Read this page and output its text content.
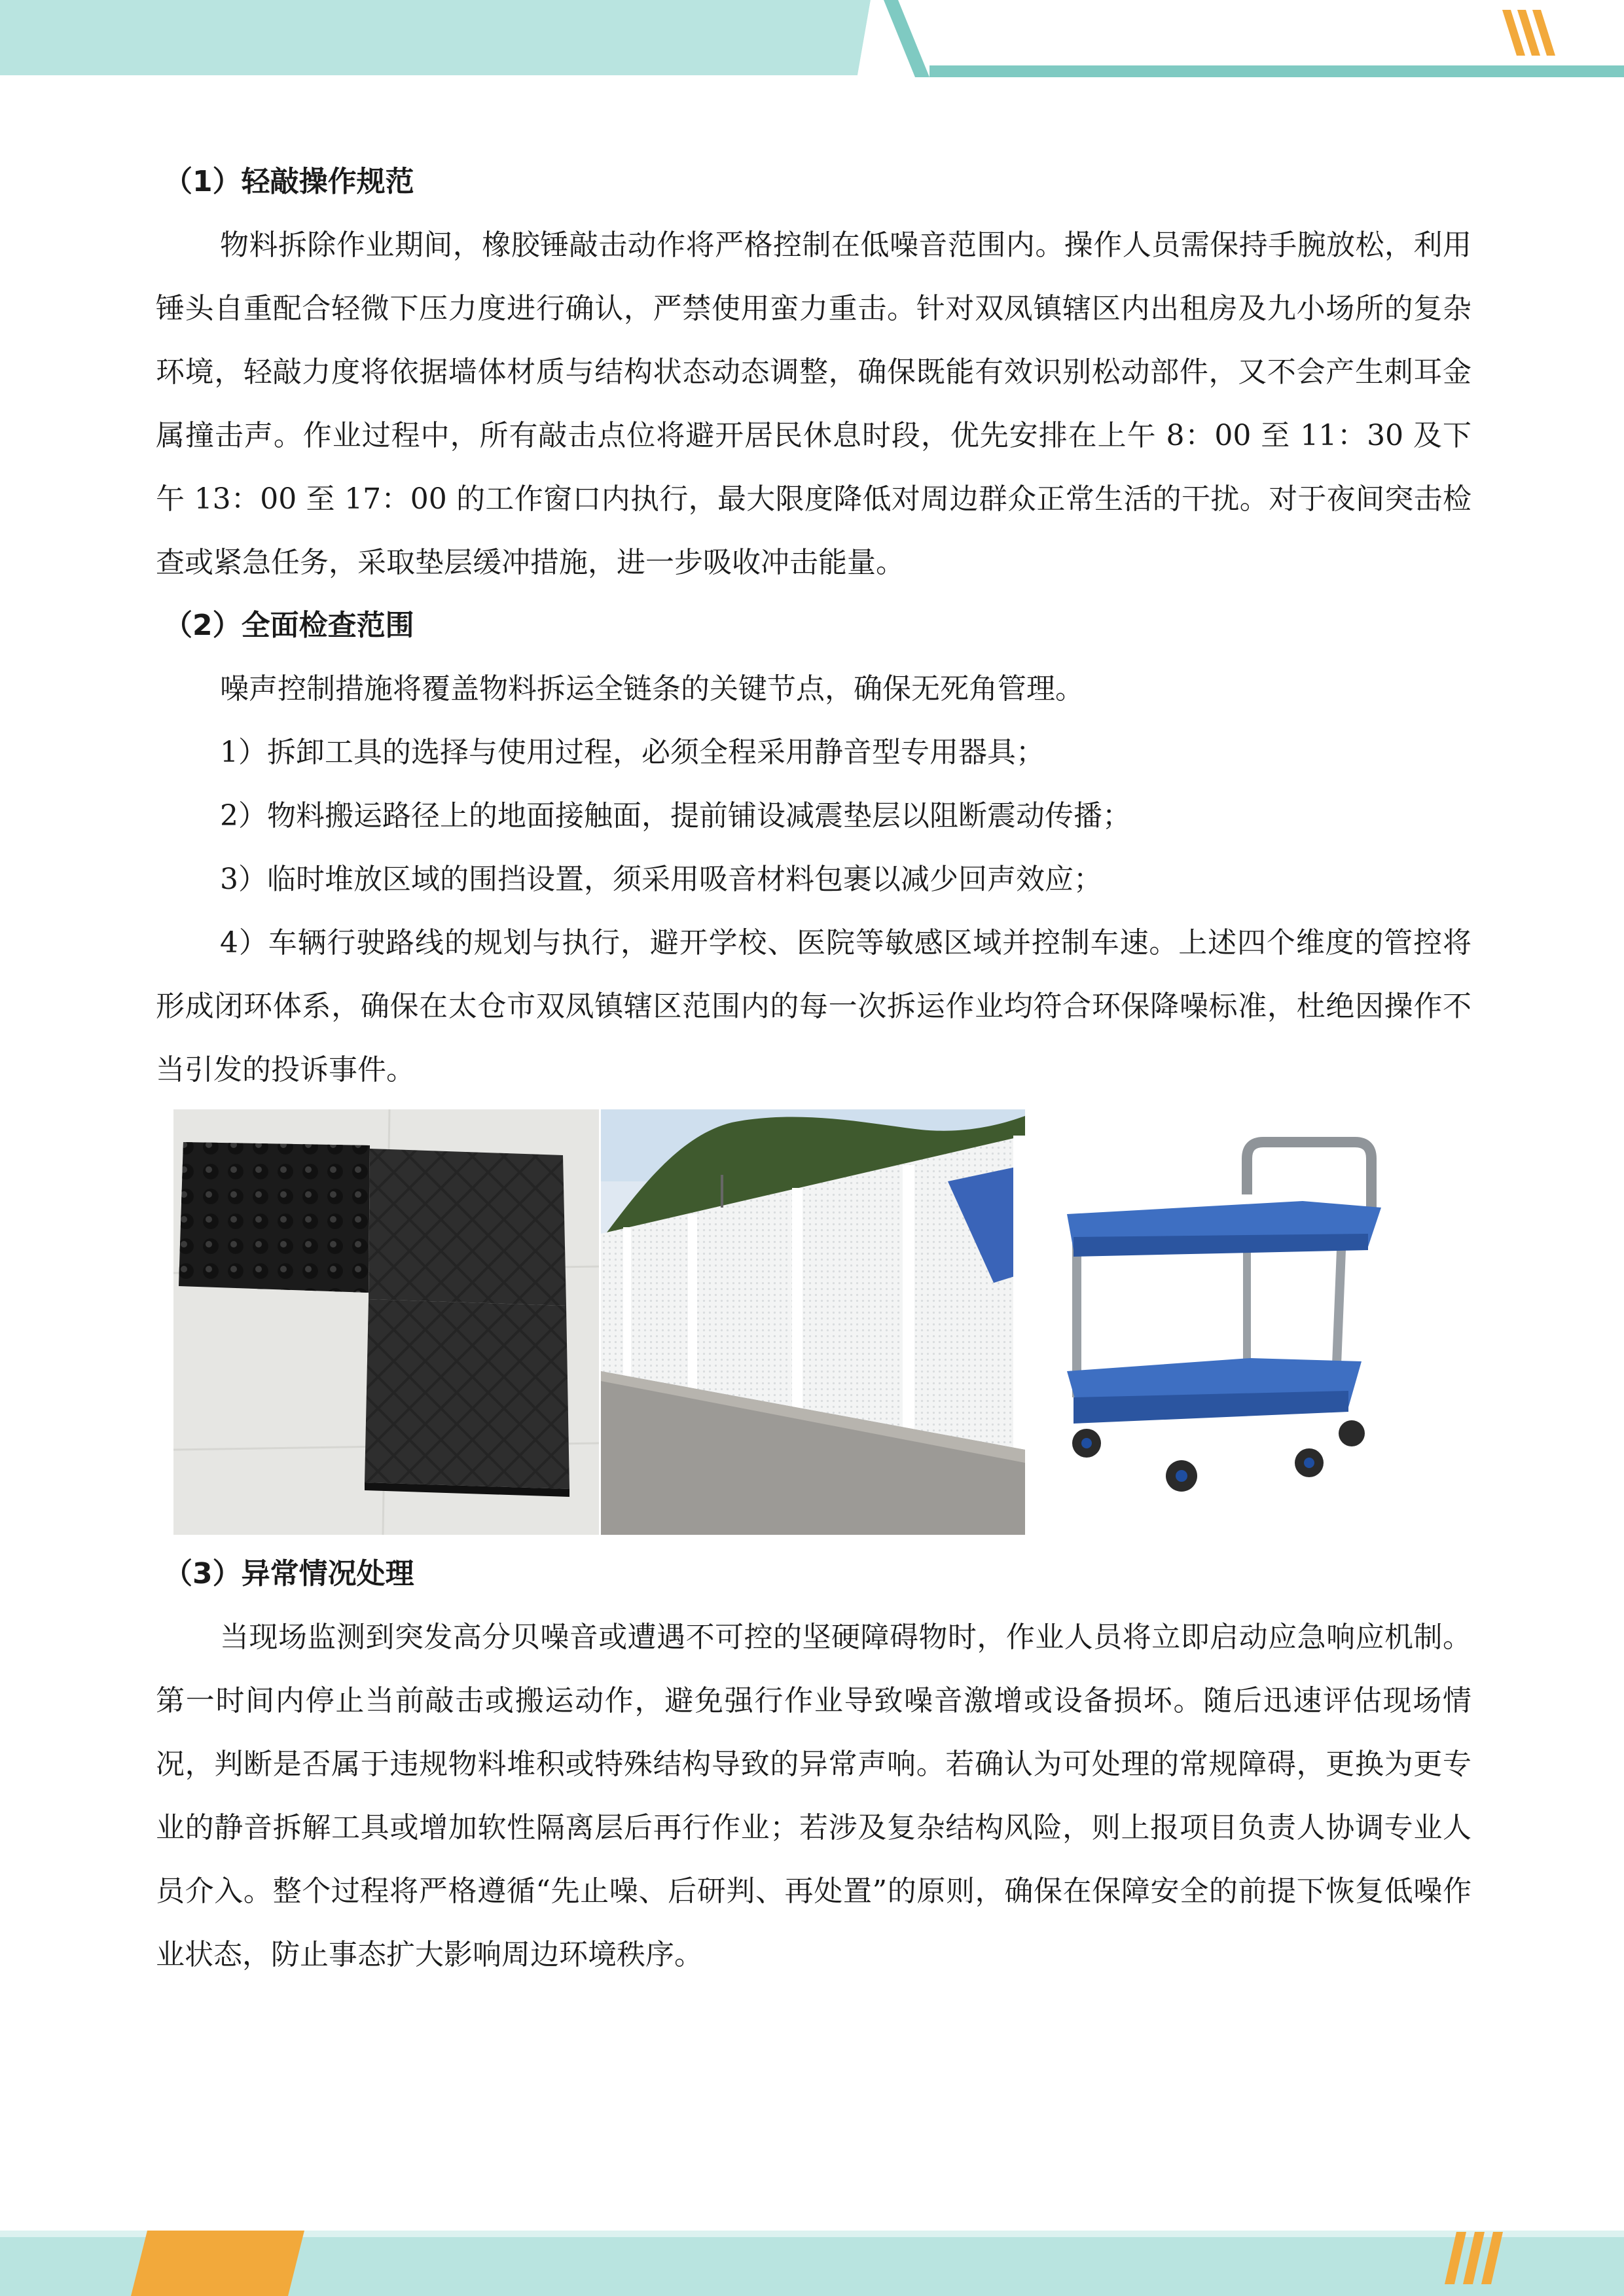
（1）轻敲操作规范

物料拆除作业期间，橡胶锤敲击动作将严格控制在低噪音范围内。操作人员需保持手腕放松，利用锤头自重配合轻微下压力度进行确认，严禁使用蛮力重击。针对双凤镇辖区内出租房及九小场所的复杂环境，轻敲力度将依据墙体材质与结构状态动态调整，确保既能有效识别松动部件，又不会产生刺耳金属撞击声。作业过程中，所有敲击点位将避开居民休息时段，优先安排在上午 8：00 至 11：30 及下午 13：00 至 17：00 的工作窗口内执行，最大限度降低对周边群众正常生活的干扰。对于夜间突击检查或紧急任务，采取垫层缓冲措施，进一步吸收冲击能量。

（2）全面检查范围

噪声控制措施将覆盖物料拆运全链条的关键节点，确保无死角管理。

1）拆卸工具的选择与使用过程，必须全程采用静音型专用器具；

2）物料搬运路径上的地面接触面，提前铺设减震垫层以阻断震动传播；

3）临时堆放区域的围挡设置，须采用吸音材料包裹以减少回声效应；

4）车辆行驶路线的规划与执行，避开学校、医院等敏感区域并控制车速。上述四个维度的管控将形成闭环体系，确保在太仓市双凤镇辖区范围内的每一次拆运作业均符合环保降噪标准，杜绝因操作不当引发的投诉事件。

（3）异常情况处理

当现场监测到突发高分贝噪音或遭遇不可控的坚硬障碍物时，作业人员将立即启动应急响应机制。第一时间内停止当前敲击或搬运动作，避免强行作业导致噪音激增或设备损坏。随后迅速评估现场情况，判断是否属于违规物料堆积或特殊结构导致的异常声响。若确认为可处理的常规障碍，更换为更专业的静音拆解工具或增加软性隔离层后再行作业；若涉及复杂结构风险，则上报项目负责人协调专业人员介入。整个过程将严格遵循“先止噪、后研判、再处置”的原则，确保在保障安全的前提下恢复低噪作业状态，防止事态扩大影响周边环境秩序。
